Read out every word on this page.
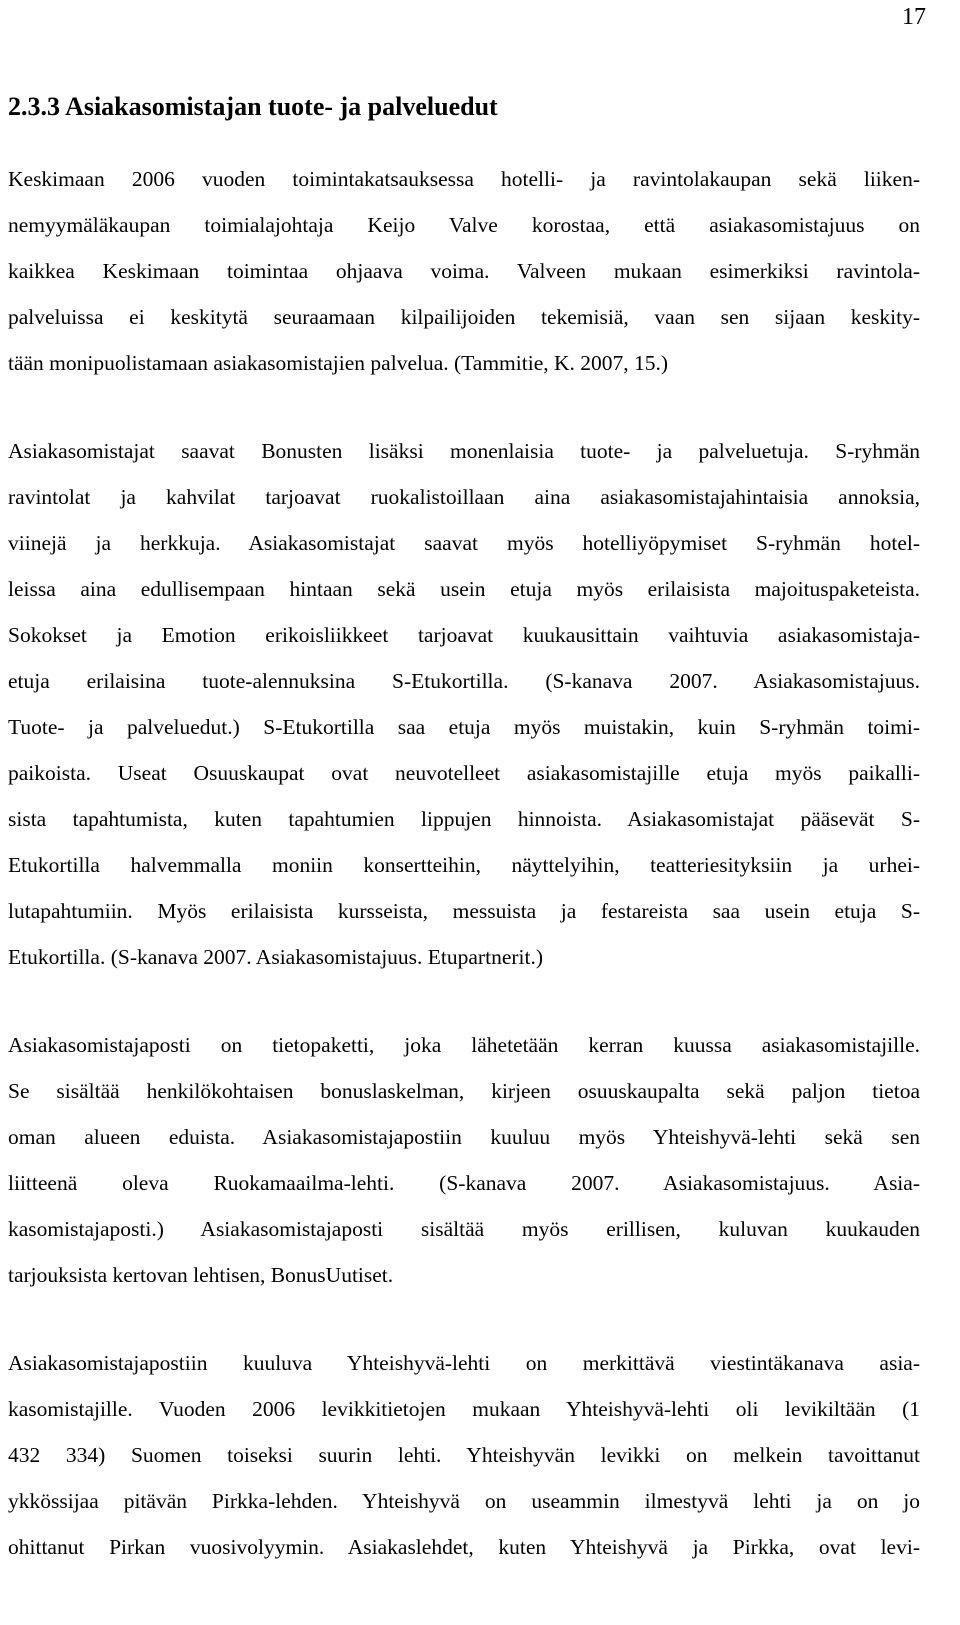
17
2.3.3 Asiakasomistajan tuote- ja palveluedut

Keskimaan 2006 vuoden toimintakatsauksessa hotelli- ja ravintolakaupan sekä liiken-
nemyymäläkaupan toimialajohtaja Keijo Valve korostaa, että asiakasomistajuus on
kaikkea Keskimaan toimintaa ohjaava voima. Valveen mukaan esimerkiksi ravintola-
palveluissa ei keskitytä seuraamaan kilpailijoiden tekemisiä, vaan sen sijaan keskity-
tään monipuolistamaan asiakasomistajien palvelua. (Tammitie, K. 2007, 15.)

Asiakasomistajat saavat Bonusten lisäksi monenlaisia tuote- ja palveluetuja. S-ryhmän
ravintolat ja kahvilat tarjoavat ruokalistoillaan aina asiakasomistajahintaisia annoksia,
viinejä ja herkkuja. Asiakasomistajat saavat myös hotelliyöpymiset S-ryhmän hotel-
leissa aina edullisempaan hintaan sekä usein etuja myös erilaisista majoituspaketeista.
Sokokset ja Emotion erikoisliikkeet tarjoavat kuukausittain vaihtuvia asiakasomistaja-
etuja erilaisina tuote-alennuksina S-Etukortilla. (S-kanava 2007. Asiakasomistajuus.
Tuote- ja palveluedut.) S-Etukortilla saa etuja myös muistakin, kuin S-ryhmän toimi-
paikoista. Useat Osuuskaupat ovat neuvotelleet asiakasomistajille etuja myös paikalli-
sista tapahtumista, kuten tapahtumien lippujen hinnoista. Asiakasomistajat pääsevät S-
Etukortilla halvemmalla moniin konsertteihin, näyttelyihin, teatteriesityksiin ja urhei-
lutapahtumiin. Myös erilaisista kursseista, messuista ja festareista saa usein etuja S-
Etukortilla. (S-kanava 2007. Asiakasomistajuus. Etupartnerit.)

Asiakasomistajaposti on tietopaketti, joka lähetetään kerran kuussa asiakasomistajille.
Se sisältää henkilökohtaisen bonuslaskelman, kirjeen osuuskaupalta sekä paljon tietoa
oman alueen eduista. Asiakasomistajapostiin kuuluu myös Yhteishyvä-lehti sekä sen
liitteenä oleva Ruokamaailma-lehti. (S-kanava 2007. Asiakasomistajuus. Asia-
kasomistajaposti.) Asiakasomistajaposti sisältää myös erillisen, kuluvan kuukauden
tarjouksista kertovan lehtisen, BonusUutiset.

Asiakasomistajapostiin kuuluva Yhteishyvä-lehti on merkittävä viestintäkanava asia-
kasomistajille. Vuoden 2006 levikkitietojen mukaan Yhteishyvä-lehti oli levikiltään (1
432 334) Suomen toiseksi suurin lehti. Yhteishyvän levikki on melkein tavoittanut
ykkössijaa pitävän Pirkka-lehden. Yhteishyvä on useammin ilmestyvä lehti ja on jo
ohittanut Pirkan vuosivolyymin. Asiakaslehdet, kuten Yhteishyvä ja Pirkka, ovat levi-
